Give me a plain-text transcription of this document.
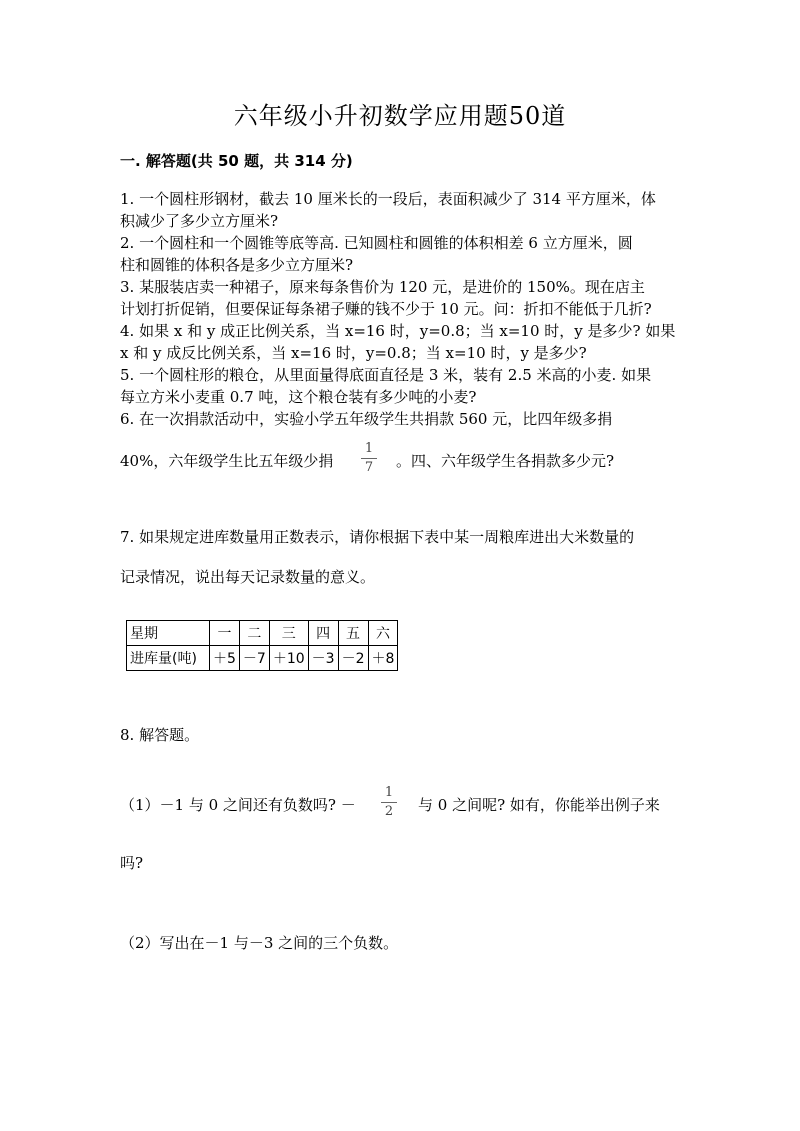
六年级小升初数学应用题50道
一. 解答题(共 50 题，共 314 分)
1. 一个圆柱形钢材，截去 10 厘米长的一段后，表面积减少了 314 平方厘米，体
积减少了多少立方厘米?
2. 一个圆柱和一个圆锥等底等高. 已知圆柱和圆锥的体积相差 6 立方厘米，圆
柱和圆锥的体积各是多少立方厘米?
3. 某服装店卖一种裙子，原来每条售价为 120 元，是进价的 150%。现在店主
计划打折促销，但要保证每条裙子赚的钱不少于 10 元。问：折扣不能低于几折?
4. 如果 x 和 y 成正比例关系，当 x=16 时，y=0.8；当 x=10 时，y 是多少? 如果
x 和 y 成反比例关系，当 x=16 时，y=0.8；当 x=10 时，y 是多少?
5. 一个圆柱形的粮仓，从里面量得底面直径是 3 米，装有 2.5 米高的小麦. 如果
每立方米小麦重 0.7 吨，这个粮仓装有多少吨的小麦?
6. 在一次捐款活动中，实验小学五年级学生共捐款 560 元，比四年级多捐
40%，六年级学生比五年级少捐
1
7 。四、六年级学生各捐款多少元?
7. 如果规定进库数量用正数表示，请你根据下表中某一周粮库进出大米数量的
记录情况，说出每天记录数量的意义。
星期	一	二	三	四	五	六
进库量(吨)	＋5	－7	＋10	－3	－2	＋8
8. 解答题。
（1）－1 与 0 之间还有负数吗? －
1
2 与 0 之间呢? 如有，你能举出例子来
吗?
（2）写出在－1 与－3 之间的三个负数。
